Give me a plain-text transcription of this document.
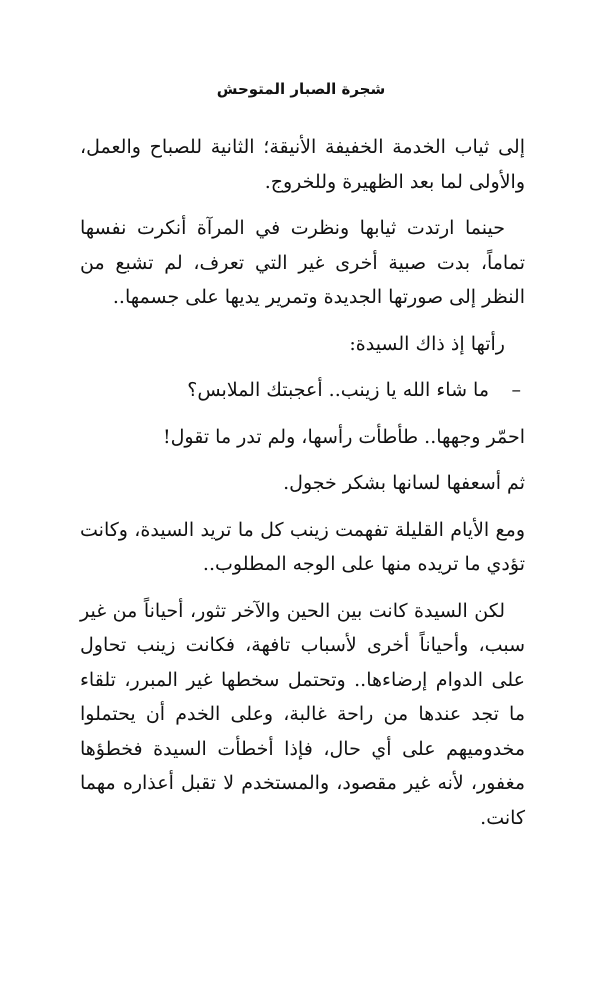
شجرة الصبار المتوحش

إلى ثياب الخدمة الخفيفة الأنيقة؛ الثانية للصباح والعمل، والأولى لما بعد الظهيرة وللخروج.

حينما ارتدت ثيابها ونظرت في المرآة أنكرت نفسها تماماً، بدت صبية أخرى غير التي تعرف، لم تشبع من النظر إلى صورتها الجديدة وتمرير يديها على جسمها..

رأتها إذ ذاك السيدة:

–
ما شاء الله يا زينب.. أعجبتك الملابس؟

احمّر وجهها.. طأطأت رأسها، ولم تدر ما تقول!

ثم أسعفها لسانها بشكر خجول.

ومع الأيام القليلة تفهمت زينب كل ما تريد السيدة، وكانت تؤدي ما تريده منها على الوجه المطلوب..

لكن السيدة كانت بين الحين والآخر تثور، أحياناً من غير سبب، وأحياناً أخرى لأسباب تافهة، فكانت زينب تحاول على الدوام إرضاءها.. وتحتمل سخطها غير المبرر، تلقاء ما تجد عندها من راحة غالبة، وعلى الخدم أن يحتملوا مخدوميهم على أي حال، فإذا أخطأت السيدة فخطؤها مغفور، لأنه غير مقصود، والمستخدم لا تقبل أعذاره مهما كانت.
